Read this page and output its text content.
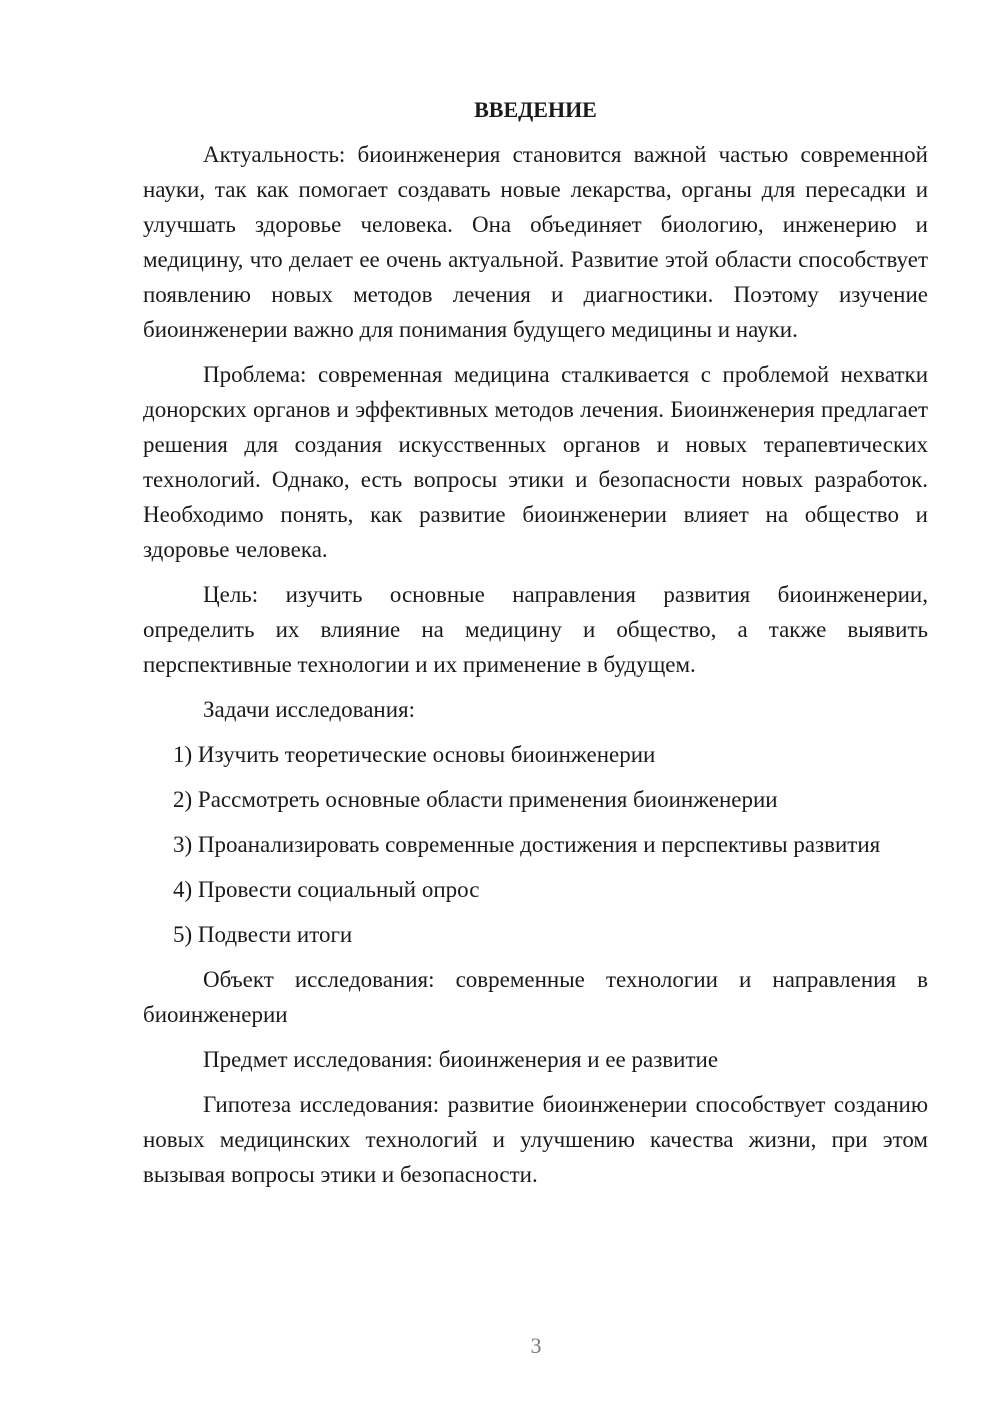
ВВЕДЕНИЕ

Актуальность: биоинженерия становится важной частью современной науки, так как помогает создавать новые лекарства, органы для пересадки и улучшать здоровье человека. Она объединяет биологию, инженерию и медицину, что делает ее очень актуальной. Развитие этой области способствует появлению новых методов лечения и диагностики. Поэтому изучение биоинженерии важно для понимания будущего медицины и науки.

Проблема: современная медицина сталкивается с проблемой нехватки донорских органов и эффективных методов лечения. Биоинженерия предлагает решения для создания искусственных органов и новых терапевтических технологий. Однако, есть вопросы этики и безопасности новых разработок. Необходимо понять, как развитие биоинженерии влияет на общество и здоровье человека.

Цель: изучить основные направления развития биоинженерии, определить их влияние на медицину и общество, а также выявить перспективные технологии и их применение в будущем.

Задачи исследования:

1) Изучить теоретические основы биоинженерии

2) Рассмотреть основные области применения биоинженерии

3) Проанализировать современные достижения и перспективы развития

4) Провести социальный опрос

5) Подвести итоги

Объект исследования: современные технологии и направления в биоинженерии

Предмет исследования: биоинженерия и ее развитие

Гипотеза исследования: развитие биоинженерии способствует созданию новых медицинских технологий и улучшению качества жизни, при этом вызывая вопросы этики и безопасности.

3
